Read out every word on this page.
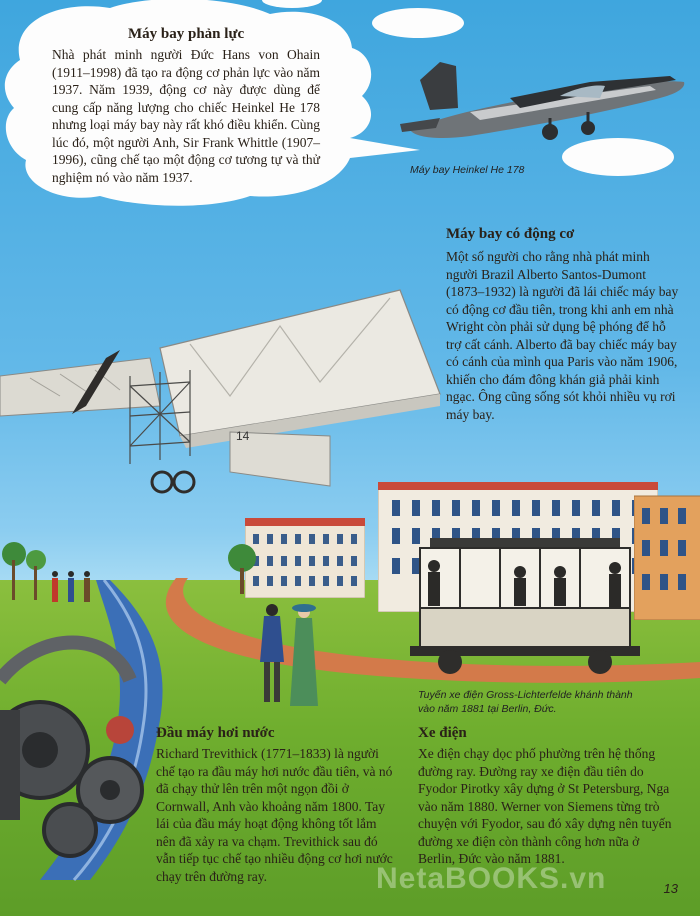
Máy bay Heinkel He 178
Máy bay phản lực
Nhà phát minh người Đức Hans von Ohain (1911–1998) đã tạo ra động cơ phản lực vào năm 1937. Năm 1939, động cơ này được dùng để cung cấp năng lượng cho chiếc Heinkel He 178 nhưng loại máy bay này rất khó điều khiển. Cùng lúc đó, một người Anh, Sir Frank Whittle (1907–1996), cũng chế tạo một động cơ tương tự và thử nghiệm nó vào năm 1937.
14
Máy bay có động cơ
Một số người cho rằng nhà phát minh người Brazil Alberto Santos-Dumont (1873–1932) là người đã lái chiếc máy bay có động cơ đầu tiên, trong khi anh em nhà Wright còn phải sử dụng bệ phóng để hỗ trợ cất cánh. Alberto đã bay chiếc máy bay có cánh của mình qua Paris vào năm 1906, khiến cho đám đông khán giả phải kinh ngạc. Ông cũng sống sót khỏi nhiều vụ rơi máy bay.
Tuyến xe điện Gross-Lichterfelde khánh thành vào năm 1881 tại Berlin, Đức.
Đầu máy hơi nước
Richard Trevithick (1771–1833) là người chế tạo ra đầu máy hơi nước đầu tiên, và nó đã chạy thử lên trên một ngọn đồi ở Cornwall, Anh vào khoảng năm 1800. Tay lái của đầu máy hoạt động không tốt lắm nên đã xảy ra va chạm. Trevithick sau đó vẫn tiếp tục chế tạo nhiều động cơ hơi nước chạy trên đường ray.
Xe điện
Xe điện chạy dọc phố phường trên hệ thống đường ray. Đường ray xe điện đầu tiên do Fyodor Pirotky xây dựng ở St Petersburg, Nga vào năm 1880. Werner von Siemens từng trò chuyện với Fyodor, sau đó xây dựng nên tuyến đường xe điện còn thành công hơn nữa ở Berlin, Đức vào năm 1881.
NetaBOOKS.vn	13
